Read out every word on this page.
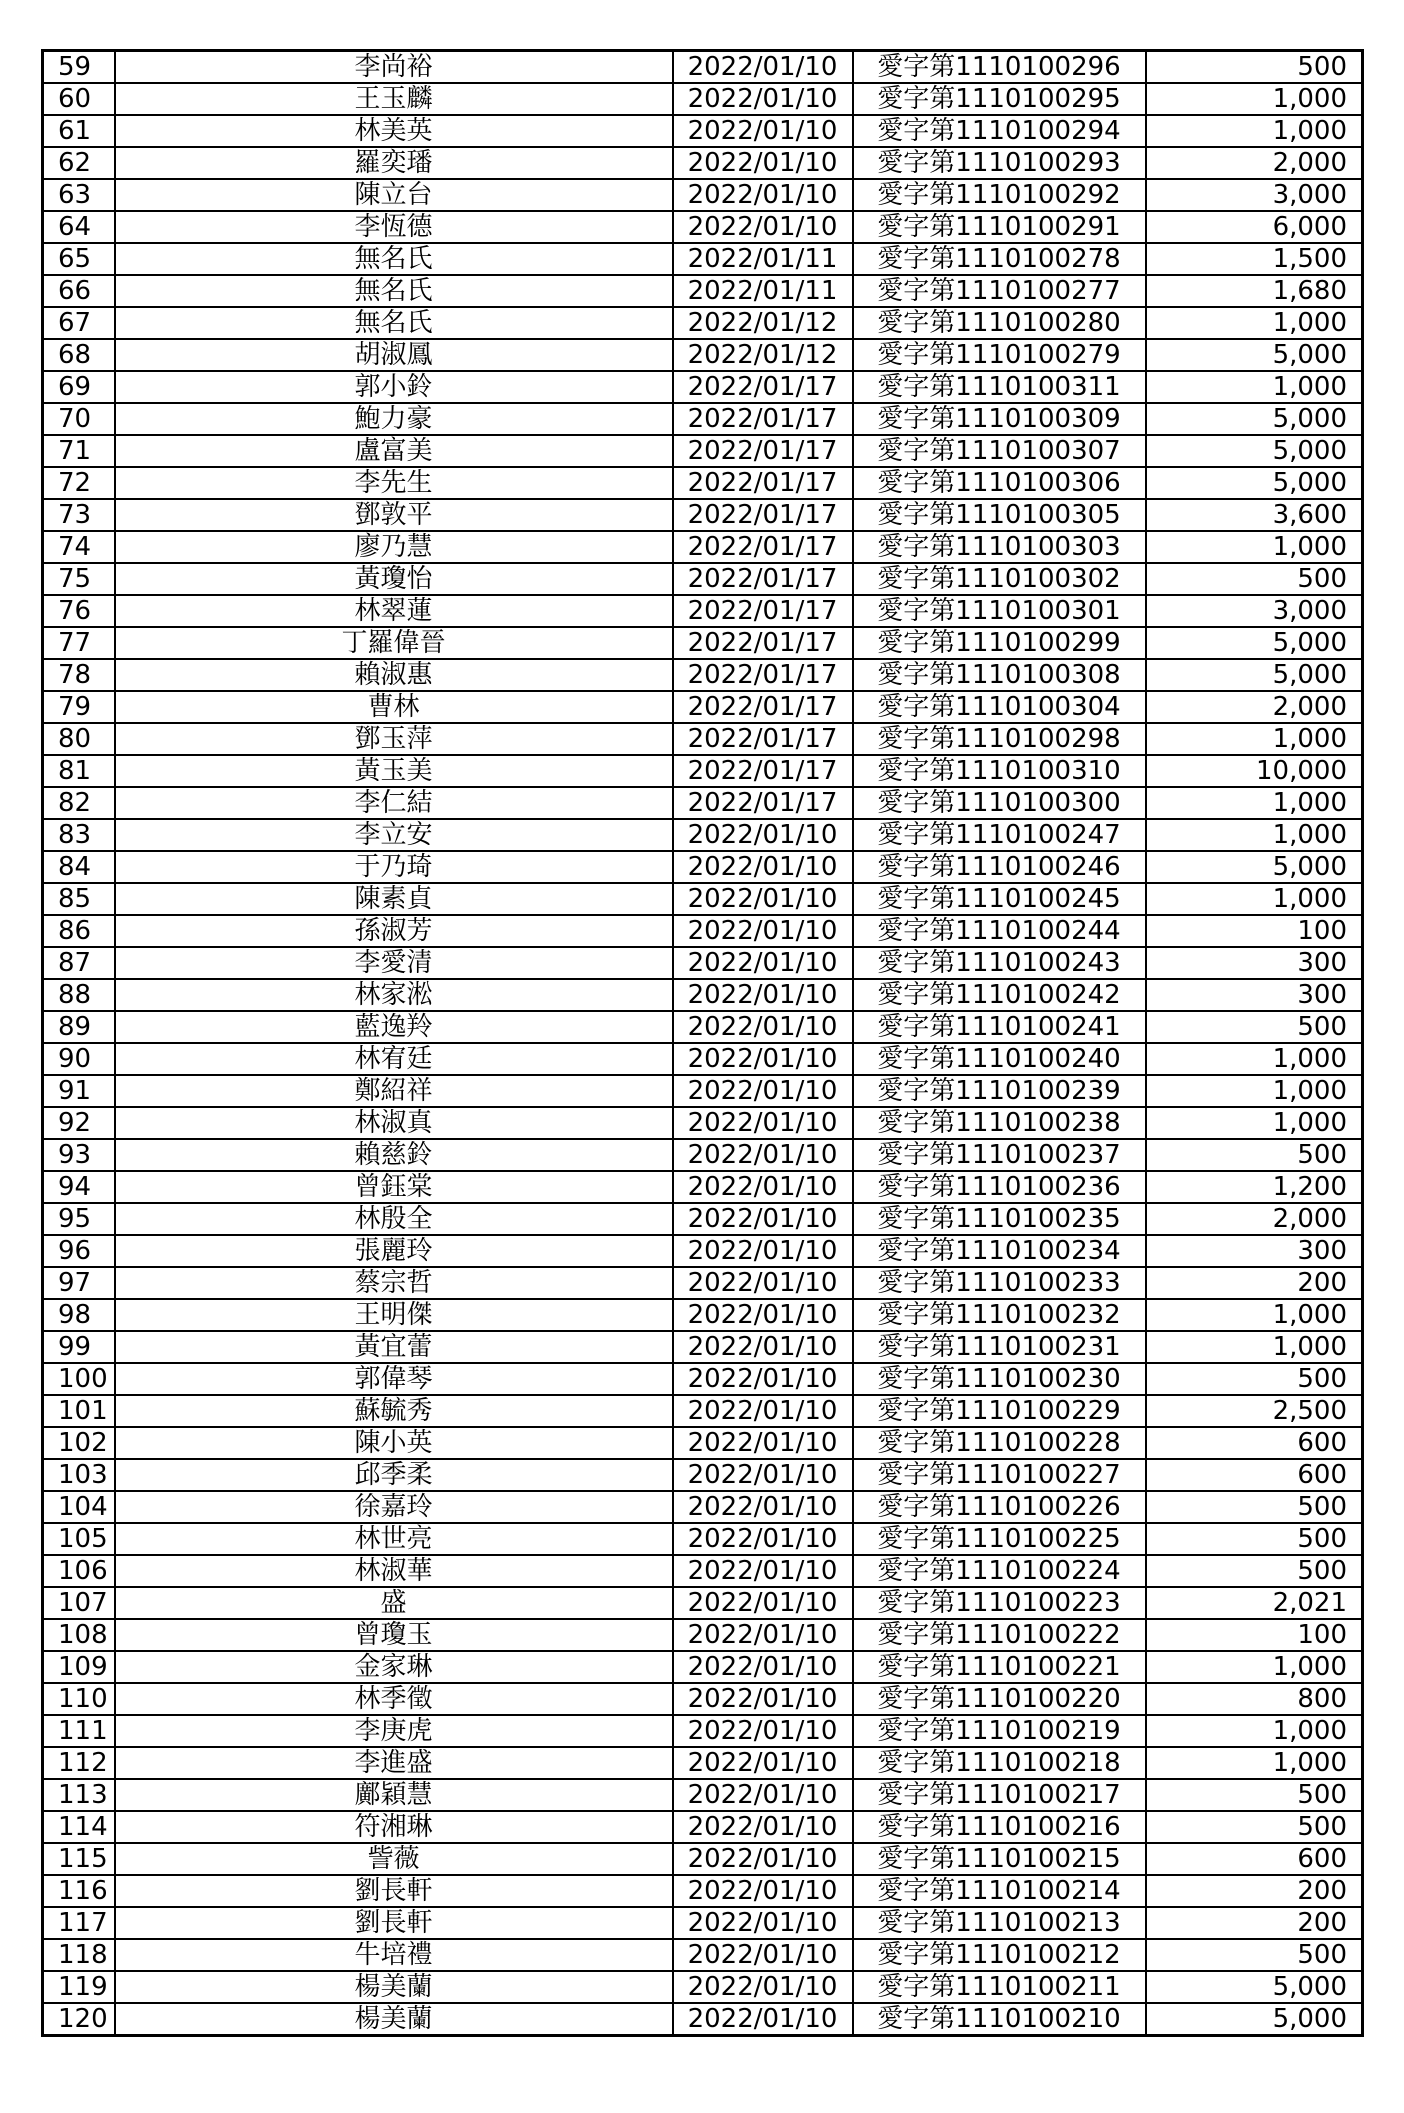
59	李尚裕	2022/01/10	愛字第1110100296	500
60	王玉麟	2022/01/10	愛字第1110100295	1,000
61	林美英	2022/01/10	愛字第1110100294	1,000
62	羅奕璠	2022/01/10	愛字第1110100293	2,000
63	陳立台	2022/01/10	愛字第1110100292	3,000
64	李恆德	2022/01/10	愛字第1110100291	6,000
65	無名氏	2022/01/11	愛字第1110100278	1,500
66	無名氏	2022/01/11	愛字第1110100277	1,680
67	無名氏	2022/01/12	愛字第1110100280	1,000
68	胡淑鳳	2022/01/12	愛字第1110100279	5,000
69	郭小鈴	2022/01/17	愛字第1110100311	1,000
70	鮑力豪	2022/01/17	愛字第1110100309	5,000
71	盧富美	2022/01/17	愛字第1110100307	5,000
72	李先生	2022/01/17	愛字第1110100306	5,000
73	鄧敦平	2022/01/17	愛字第1110100305	3,600
74	廖乃慧	2022/01/17	愛字第1110100303	1,000
75	黃瓊怡	2022/01/17	愛字第1110100302	500
76	林翠蓮	2022/01/17	愛字第1110100301	3,000
77	丁羅偉晉	2022/01/17	愛字第1110100299	5,000
78	賴淑惠	2022/01/17	愛字第1110100308	5,000
79	曹林	2022/01/17	愛字第1110100304	2,000
80	鄧玉萍	2022/01/17	愛字第1110100298	1,000
81	黃玉美	2022/01/17	愛字第1110100310	10,000
82	李仁結	2022/01/17	愛字第1110100300	1,000
83	李立安	2022/01/10	愛字第1110100247	1,000
84	于乃琦	2022/01/10	愛字第1110100246	5,000
85	陳素貞	2022/01/10	愛字第1110100245	1,000
86	孫淑芳	2022/01/10	愛字第1110100244	100
87	李愛清	2022/01/10	愛字第1110100243	300
88	林家淞	2022/01/10	愛字第1110100242	300
89	藍逸羚	2022/01/10	愛字第1110100241	500
90	林宥廷	2022/01/10	愛字第1110100240	1,000
91	鄭紹祥	2022/01/10	愛字第1110100239	1,000
92	林淑真	2022/01/10	愛字第1110100238	1,000
93	賴慈鈴	2022/01/10	愛字第1110100237	500
94	曾鈺棠	2022/01/10	愛字第1110100236	1,200
95	林殷全	2022/01/10	愛字第1110100235	2,000
96	張麗玲	2022/01/10	愛字第1110100234	300
97	蔡宗哲	2022/01/10	愛字第1110100233	200
98	王明傑	2022/01/10	愛字第1110100232	1,000
99	黃宜蕾	2022/01/10	愛字第1110100231	1,000
100	郭偉琴	2022/01/10	愛字第1110100230	500
101	蘇毓秀	2022/01/10	愛字第1110100229	2,500
102	陳小英	2022/01/10	愛字第1110100228	600
103	邱季柔	2022/01/10	愛字第1110100227	600
104	徐嘉玲	2022/01/10	愛字第1110100226	500
105	林世亮	2022/01/10	愛字第1110100225	500
106	林淑華	2022/01/10	愛字第1110100224	500
107	盛	2022/01/10	愛字第1110100223	2,021
108	曾瓊玉	2022/01/10	愛字第1110100222	100
109	金家琳	2022/01/10	愛字第1110100221	1,000
110	林季徵	2022/01/10	愛字第1110100220	800
111	李庚虎	2022/01/10	愛字第1110100219	1,000
112	李進盛	2022/01/10	愛字第1110100218	1,000
113	鄺穎慧	2022/01/10	愛字第1110100217	500
114	符湘琳	2022/01/10	愛字第1110100216	500
115	訾薇	2022/01/10	愛字第1110100215	600
116	劉長軒	2022/01/10	愛字第1110100214	200
117	劉長軒	2022/01/10	愛字第1110100213	200
118	牛培禮	2022/01/10	愛字第1110100212	500
119	楊美蘭	2022/01/10	愛字第1110100211	5,000
120	楊美蘭	2022/01/10	愛字第1110100210	5,000
